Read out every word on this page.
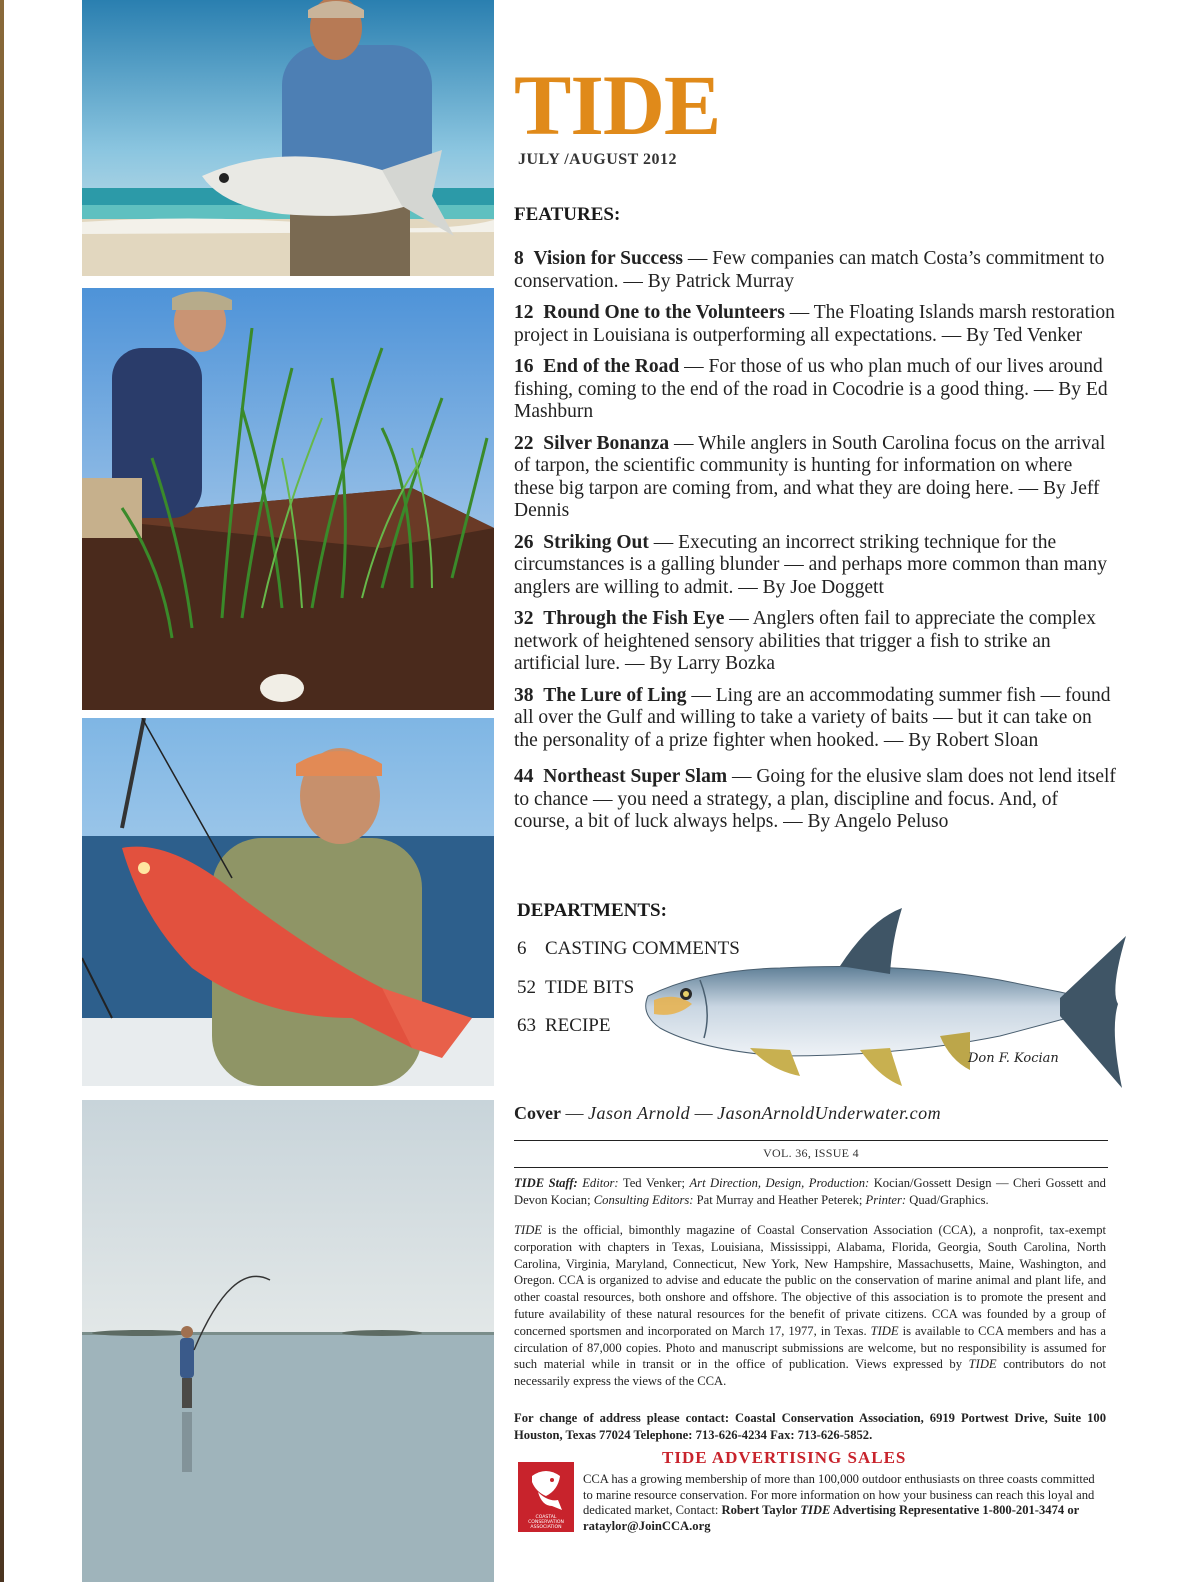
TIDE
JULY /AUGUST 2012
FEATURES:

8 Vision for Success — Few companies can match Costa’s commitment to conservation. — By Patrick Murray

12 Round One to the Volunteers — The Floating Islands marsh restoration project in Louisiana is outperforming all expectations. — By Ted Venker

16 End of the Road — For those of us who plan much of our lives around fishing, coming to the end of the road in Cocodrie is a good thing. — By Ed Mashburn

22 Silver Bonanza — While anglers in South Carolina focus on the arrival of tarpon, the scientific community is hunting for information on where these big tarpon are coming from, and what they are doing here. — By Jeff Dennis

26 Striking Out — Executing an incorrect striking technique for the circumstances is a galling blunder — and perhaps more common than many anglers are willing to admit. — By Joe Doggett

32 Through the Fish Eye — Anglers often fail to appreciate the complex network of heightened sensory abilities that trigger a fish to strike an artificial lure. — By Larry Bozka

38 The Lure of Ling — Ling are an accommodating summer fish — found all over the Gulf and willing to take a variety of baits — but it can take on the personality of a prize fighter when hooked. — By Robert Sloan

44 Northeast Super Slam — Going for the elusive slam does not lend itself to chance — you need a strategy, a plan, discipline and focus. And, of course, a bit of luck always helps. — By Angelo Peluso

DEPARTMENTS:
6 CASTING COMMENTS
52 TIDE BITS
63 RECIPE
Don F. Kocian
Cover — Jason Arnold — JasonArnoldUnderwater.com
VOL. 36, ISSUE 4
TIDE Staff: Editor: Ted Venker; Art Direction, Design, Production: Kocian/Gossett Design — Cheri Gossett and Devon Kocian; Consulting Editors: Pat Murray and Heather Peterek; Printer: Quad/Graphics.
TIDE is the official, bimonthly magazine of Coastal Conservation Association (CCA), a nonprofit, tax-exempt corporation with chapters in Texas, Louisiana, Mississippi, Alabama, Florida, Georgia, South Carolina, North Carolina, Virginia, Maryland, Connecticut, New York, New Hampshire, Massachusetts, Maine, Washington, and Oregon. CCA is organized to advise and educate the public on the conservation of marine animal and plant life, and other coastal resources, both onshore and offshore. The objective of this association is to promote the present and future availability of these natural resources for the benefit of private citizens. CCA was founded by a group of concerned sportsmen and incorporated on March 17, 1977, in Texas. TIDE is available to CCA members and has a circulation of 87,000 copies. Photo and manuscript submissions are welcome, but no responsibility is assumed for such material while in transit or in the office of publication. Views expressed by TIDE contributors do not necessarily express the views of the CCA.
For change of address please contact: Coastal Conservation Association, 6919 Portwest Drive, Suite 100 Houston, Texas 77024 Telephone: 713-626-4234 Fax: 713-626-5852.
TIDE ADVERTISING SALES
COASTAL
CONSERVATION
ASSOCIATION
CCA has a growing membership of more than 100,000 outdoor enthusiasts on three coasts committed to marine resource conservation. For more information on how your business can reach this loyal and dedicated market, Contact: Robert Taylor TIDE Advertising Representative 1-800-201-3474 or rataylor@JoinCCA.org
